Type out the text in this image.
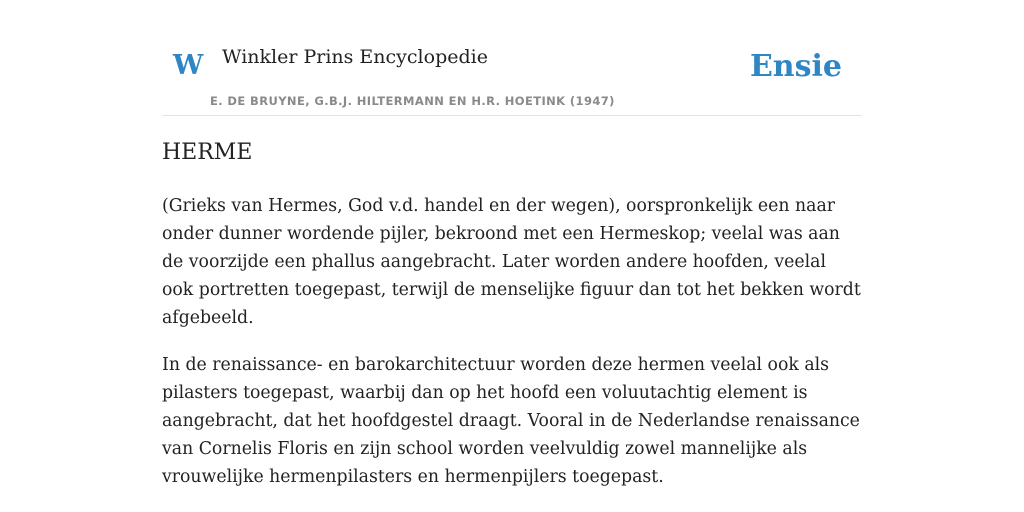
W Winkler Prins Encyclopedie
E. DE BRUYNE, G.B.J. HILTERMANN EN H.R. HOETINK (1947)
Ensie
HERME

(Grieks van Hermes, God v.d. handel en der wegen), oorspronkelijk een naar onder dunner wordende pijler, bekroond met een Hermeskop; veelal was aan de voorzijde een phallus aangebracht. Later worden andere hoofden, veelal ook portretten toegepast, terwijl de menselijke figuur dan tot het bekken wordt afgebeeld.

In de renaissance- en barokarchitectuur worden deze hermen veelal ook als pilasters toegepast, waarbij dan op het hoofd een voluutachtig element is aangebracht, dat het hoofdgestel draagt. Vooral in de Nederlandse renaissance van Cornelis Floris en zijn school worden veelvuldig zowel mannelijke als vrouwelijke hermenpilasters en hermenpijlers toegepast.
